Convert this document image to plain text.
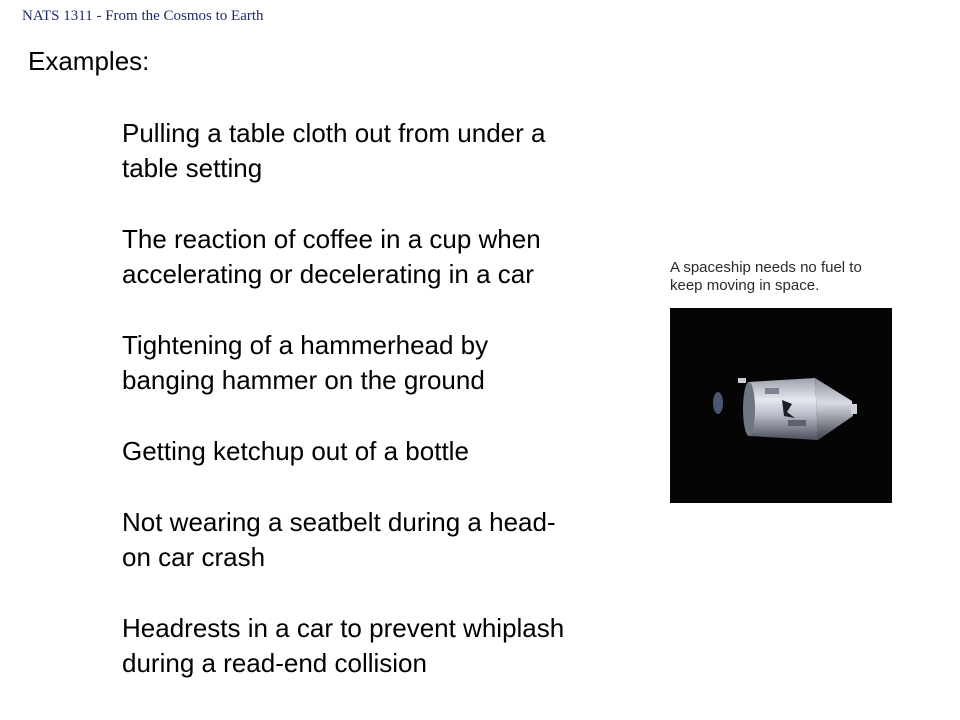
NATS 1311 - From the Cosmos to Earth
Examples:
Pulling a table cloth out from under a
table setting
The reaction of coffee in a cup when
accelerating or decelerating in a car
Tightening of a hammerhead by
banging hammer on the ground
Getting ketchup out of a bottle
Not wearing a seatbelt during a head-
on car crash
Headrests in a car to prevent whiplash
during a read-end collision
A spaceship needs no fuel to
keep moving in space.
